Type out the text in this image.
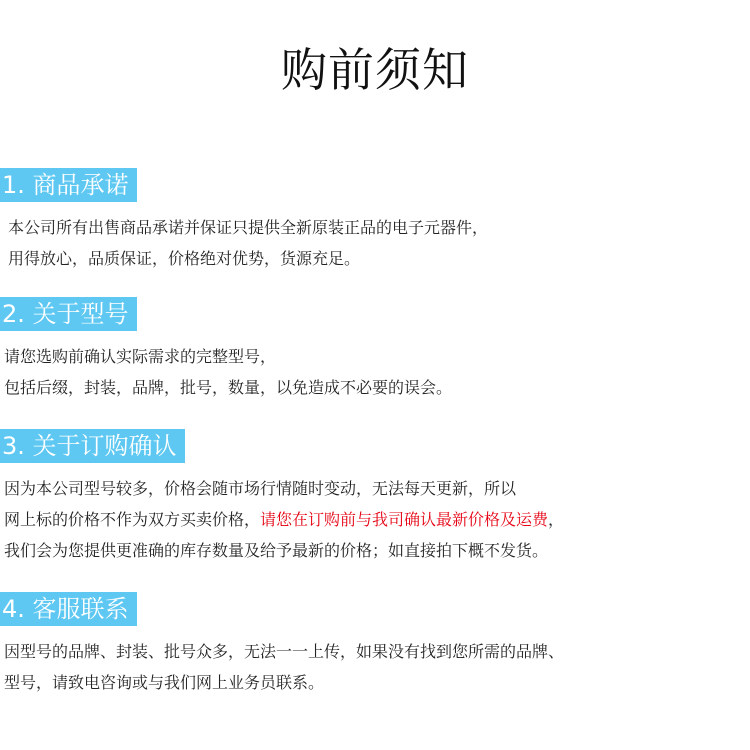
购前须知
1. 商品承诺
本公司所有出售商品承诺并保证只提供全新原装正品的电子元器件，
用得放心，品质保证，价格绝对优势，货源充足。
2. 关于型号
请您选购前确认实际需求的完整型号，
包括后缀，封装，品牌，批号，数量，以免造成不必要的误会。
3. 关于订购确认
因为本公司型号较多，价格会随市场行情随时变动，无法每天更新，所以
网上标的价格不作为双方买卖价格，请您在订购前与我司确认最新价格及运费，
我们会为您提供更准确的库存数量及给予最新的价格；如直接拍下概不发货。
4. 客服联系
因型号的品牌、封装、批号众多，无法一一上传，如果没有找到您所需的品牌、
型号，请致电咨询或与我们网上业务员联系。
